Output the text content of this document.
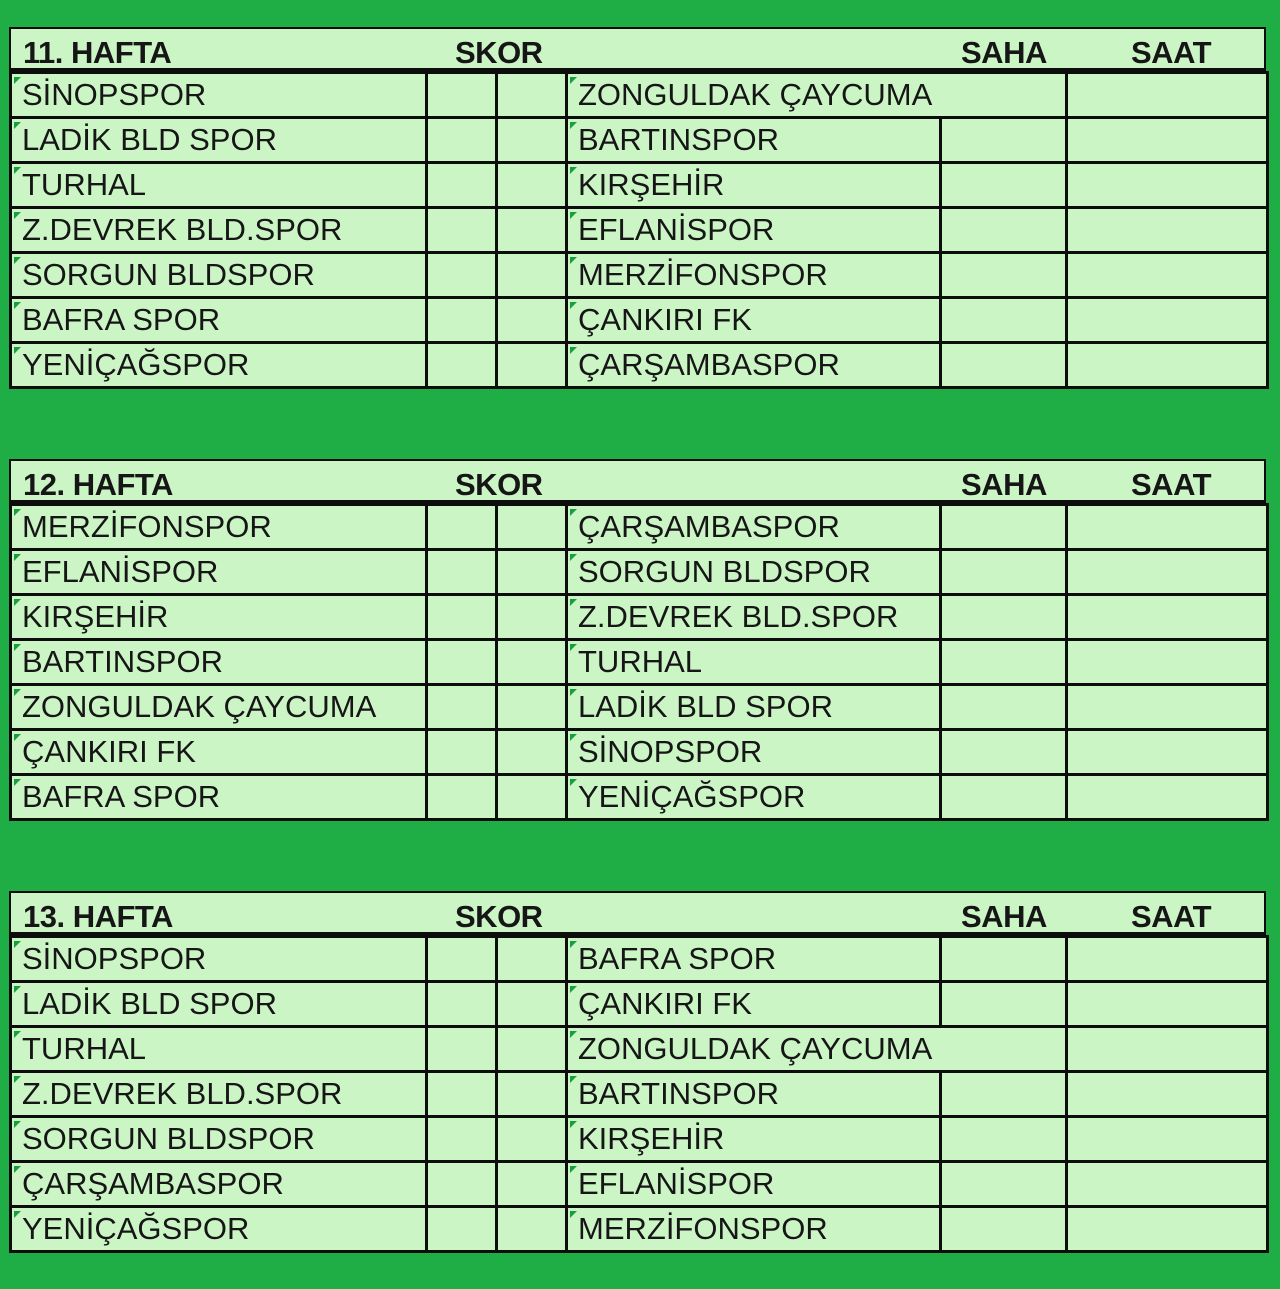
11. HAFTA	SKOR	SAHA	SAAT
SİNOPSPOR			ZONGULDAK ÇAYCUMA		
LADİK BLD SPOR			BARTINSPOR		
TURHAL			KIRŞEHİR		
Z.DEVREK BLD.SPOR			EFLANİSPOR		
SORGUN BLDSPOR			MERZİFONSPOR		
BAFRA SPOR			ÇANKIRI FK		
YENİÇAĞSPOR			ÇARŞAMBASPOR		
12. HAFTA	SKOR	SAHA	SAAT
MERZİFONSPOR			ÇARŞAMBASPOR		
EFLANİSPOR			SORGUN BLDSPOR		
KIRŞEHİR			Z.DEVREK BLD.SPOR		
BARTINSPOR			TURHAL		
ZONGULDAK ÇAYCUMA			LADİK BLD SPOR		
ÇANKIRI FK			SİNOPSPOR		
BAFRA SPOR			YENİÇAĞSPOR		
13. HAFTA	SKOR	SAHA	SAAT
SİNOPSPOR			BAFRA SPOR		
LADİK BLD SPOR			ÇANKIRI FK		
TURHAL			ZONGULDAK ÇAYCUMA		
Z.DEVREK BLD.SPOR			BARTINSPOR		
SORGUN BLDSPOR			KIRŞEHİR		
ÇARŞAMBASPOR			EFLANİSPOR		
YENİÇAĞSPOR			MERZİFONSPOR		
